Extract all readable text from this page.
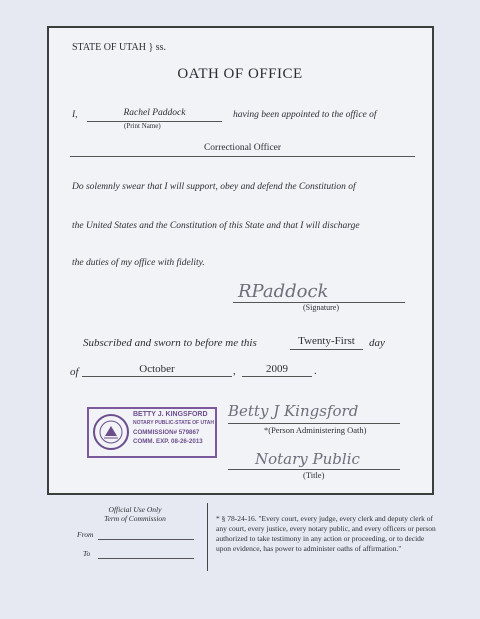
STATE OF UTAH } ss.
OATH OF OFFICE
I,	Rachel Paddock	having been appointed to the office of
(Print Name)
Correctional Officer
Do solemnly swear that I will support, obey and defend the Constitution of
the United States and the Constitution of this State and that I will discharge
the duties of my office with fidelity.
RPaddock
(Signature)
Subscribed and sworn to before me this	Twenty-First	day
of	October	,	2009	.
BETTY J. KINGSFORD
NOTARY PUBLIC-STATE OF UTAH
COMMISSION# 579867
COMM. EXP. 08-26-2013
Betty J Kingsford
*(Person Administering Oath)
Notary Public
(Title)
Official Use Only
Term of Commission
From
To
* § 78-24-16. "Every court, every judge, every clerk and deputy clerk of any court, every justice, every notary public, and every officers or person authorized to take testimony in any action or proceeding, or to decide upon evidence, has power to administer oaths of affirmation."
